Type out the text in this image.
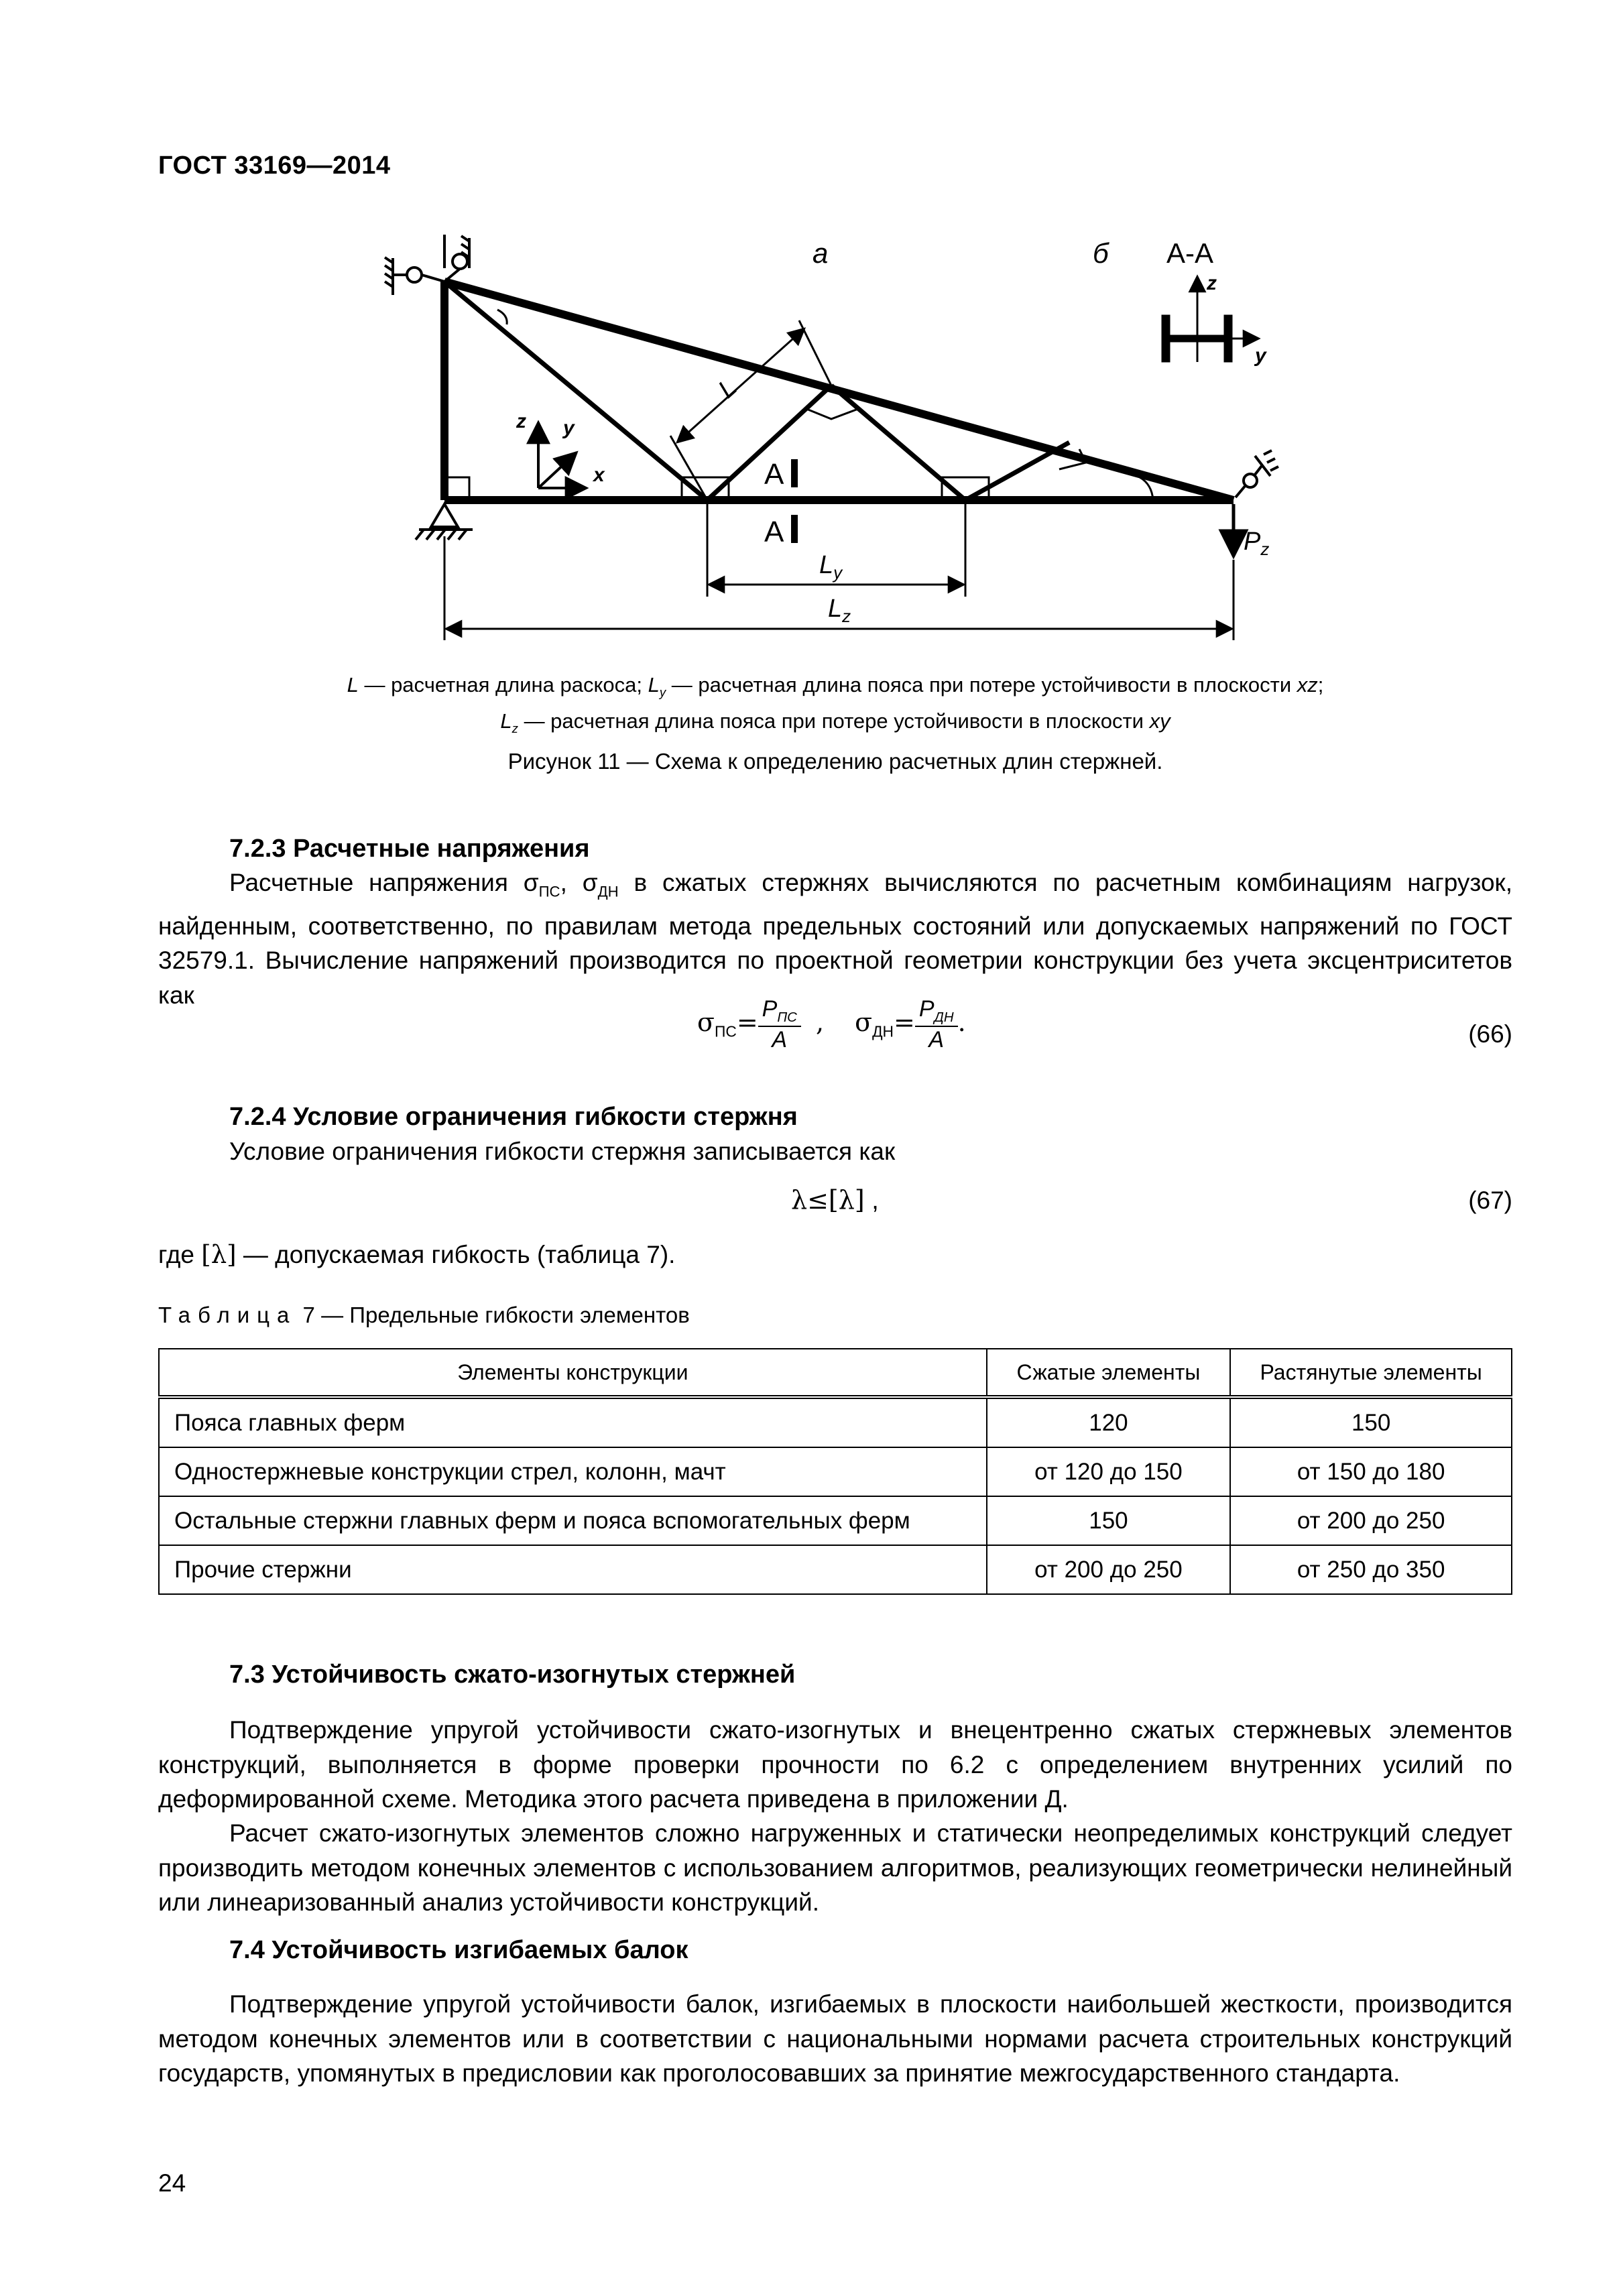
ГОСТ 33169—2014
$P_z$
z y
x	А
А
L
$L_y$
$L_z$
а	б А-А
z
y
L — расчетная длина раскоса; $L_y$ — расчетная длина пояса при потере устойчивости в плоскости xz;
$L_z$ — расчетная длина пояса при потере устойчивости в плоскости xy
Рисунок 11 — Схема к определению расчетных длин стержней.
7.2.3 Расчетные напряжения
Расчетные напряжения $\sigma_{ПС}$, $\sigma_{ДН}$ в сжатых стержнях вычисляются по расчетным комбинациям нагрузок, найденным, соответственно, по правилам метода предельных состояний или допускаемых напряжений по ГОСТ 32579.1. Вычисление напряжений производится по проектной геометрии конструкции без учета эксцентриситетов как
$\sigma_{ПС}= \frac{P_{ПС}}{A}$ , $\sigma_{ДН}= \frac{P_{ДН}}{A}$ .	(66)
7.2.4 Условие ограничения гибкости стержня
Условие ограничения гибкости стержня записывается как
λ≤[λ] ,	(67)
где [λ] — допускаемая гибкость (таблица 7).
Таблица 7 — Предельные гибкости элементов
Элементы конструкции	Сжатые элементы	Растянутые элементы
Пояса главных ферм	120	150
Одностержневые конструкции стрел, колонн, мачт	от 120 до 150	от 150 до 180
Остальные стержни главных ферм и пояса вспомогательных ферм	150	от 200 до 250
Прочие стержни	от 200 до 250	от 250 до 350
7.3 Устойчивость сжато-изогнутых стержней
Подтверждение упругой устойчивости сжато-изогнутых и внецентренно сжатых стержневых элементов конструкций, выполняется в форме проверки прочности по 6.2 с определением внутренних усилий по деформированной схеме. Методика этого расчета приведена в приложении Д.
Расчет сжато-изогнутых элементов сложно нагруженных и статически неопределимых конструкций следует производить методом конечных элементов с использованием алгоритмов, реализующих геометрически нелинейный или линеаризованный анализ устойчивости конструкций.
7.4 Устойчивость изгибаемых балок
Подтверждение упругой устойчивости балок, изгибаемых в плоскости наибольшей жесткости, производится методом конечных элементов или в соответствии с национальными нормами расчета строительных конструкций государств, упомянутых в предисловии как проголосовавших за принятие межгосударственного стандарта.
24
